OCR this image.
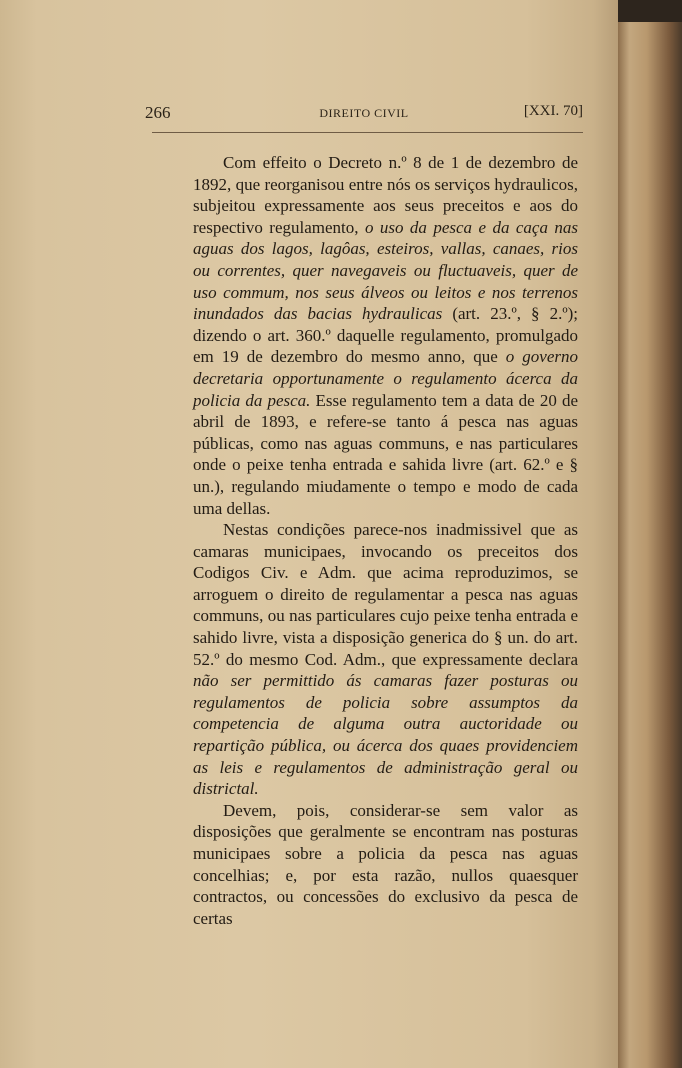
266	DIREITO CIVIL	[XXI. 70]

Com effeito o Decreto n.º 8 de 1 de dezembro de 1892, que reorganisou entre nós os serviços hydraulicos, subjeitou expressamente aos seus preceitos e aos do respectivo regulamento, o uso da pesca e da caça nas aguas dos lagos, lagôas, esteiros, vallas, canaes, rios ou correntes, quer navegaveis ou fluctuaveis, quer de uso commum, nos seus álveos ou leitos e nos terrenos inundados das bacias hydraulicas (art. 23.º, § 2.º); dizendo o art. 360.º daquelle regulamento, promulgado em 19 de dezembro do mesmo anno, que o governo decretaria opportunamente o regulamento ácerca da policia da pesca. Esse regulamento tem a data de 20 de abril de 1893, e refere-se tanto á pesca nas aguas públicas, como nas aguas communs, e nas particulares onde o peixe tenha entrada e sahida livre (art. 62.º e § un.), regulando miudamente o tempo e modo de cada uma dellas.

Nestas condições parece-nos inadmissivel que as camaras municipaes, invocando os preceitos dos Codigos Civ. e Adm. que acima reproduzimos, se arroguem o direito de regulamentar a pesca nas aguas communs, ou nas particulares cujo peixe tenha entrada e sahido livre, vista a disposição generica do § un. do art. 52.º do mesmo Cod. Adm., que expressamente declara não ser permittido ás camaras fazer posturas ou regulamentos de policia sobre assumptos da competencia de alguma outra auctoridade ou repartição pública, ou ácerca dos quaes providenciem as leis e regulamentos de administração geral ou districtal.

Devem, pois, considerar-se sem valor as disposições que geralmente se encontram nas posturas municipaes sobre a policia da pesca nas aguas concelhias; e, por esta razão, nullos quaesquer contractos, ou concessões do exclusivo da pesca de certas
